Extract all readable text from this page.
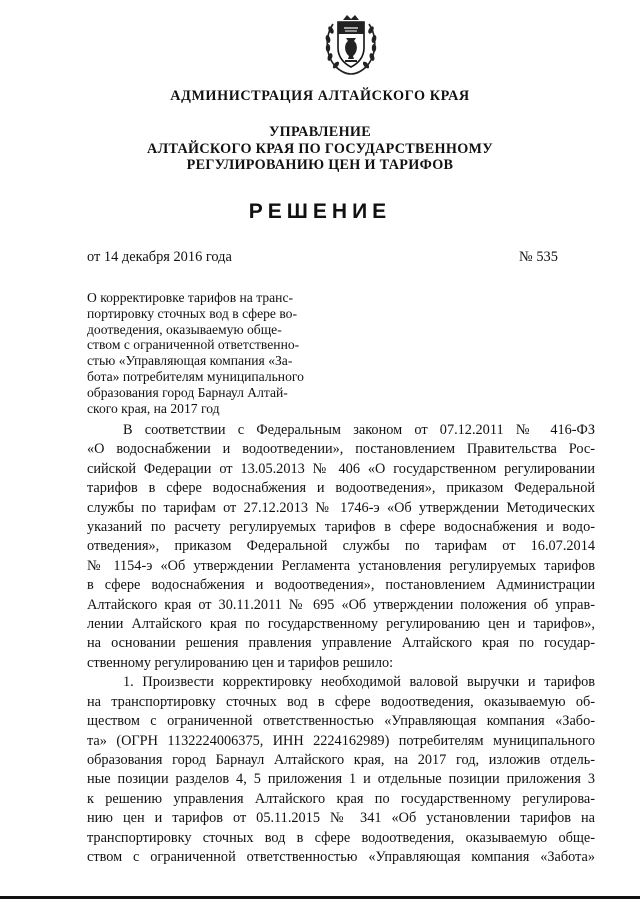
АДМИНИСТРАЦИЯ АЛТАЙСКОГО КРАЯ
УПРАВЛЕНИЕ
АЛТАЙСКОГО КРАЯ ПО ГОСУДАРСТВЕННОМУ
РЕГУЛИРОВАНИЮ ЦЕН И ТАРИФОВ
РЕШЕНИЕ
от 14 декабря 2016 года	№ 535
О корректировке тарифов на транс-
портировку сточных вод в сфере во-
доотведения, оказываемую обще-
ством с ограниченной ответственно-
стью «Управляющая компания «За-
бота» потребителям муниципального
образования город Барнаул Алтай-
ского края, на 2017 год
В соответствии с Федеральным законом от 07.12.2011 № 416-ФЗ
«О водоснабжении и водоотведении», постановлением Правительства Рос-
сийской Федерации от 13.05.2013 № 406 «О государственном регулировании
тарифов в сфере водоснабжения и водоотведения», приказом Федеральной
службы по тарифам от 27.12.2013 № 1746-э «Об утверждении Методических
указаний по расчету регулируемых тарифов в сфере водоснабжения и водо-
отведения», приказом Федеральной службы по тарифам от 16.07.2014
№ 1154-э «Об утверждении Регламента установления регулируемых тарифов
в сфере водоснабжения и водоотведения», постановлением Администрации
Алтайского края от 30.11.2011 № 695 «Об утверждении положения об управ-
лении Алтайского края по государственному регулированию цен и тарифов»,
на основании решения правления управление Алтайского края по государ-
ственному регулированию цен и тарифов решило:
1. Произвести корректировку необходимой валовой выручки и тарифов
на транспортировку сточных вод в сфере водоотведения, оказываемую об-
ществом с ограниченной ответственностью «Управляющая компания «Забо-
та» (ОГРН 1132224006375, ИНН 2224162989) потребителям муниципального
образования город Барнаул Алтайского края, на 2017 год, изложив отдель-
ные позиции разделов 4, 5 приложения 1 и отдельные позиции приложения 3
к решению управления Алтайского края по государственному регулирова-
нию цен и тарифов от 05.11.2015 № 341 «Об установлении тарифов на
транспортировку сточных вод в сфере водоотведения, оказываемую обще-
ством с ограниченной ответственностью «Управляющая компания «Забота»
